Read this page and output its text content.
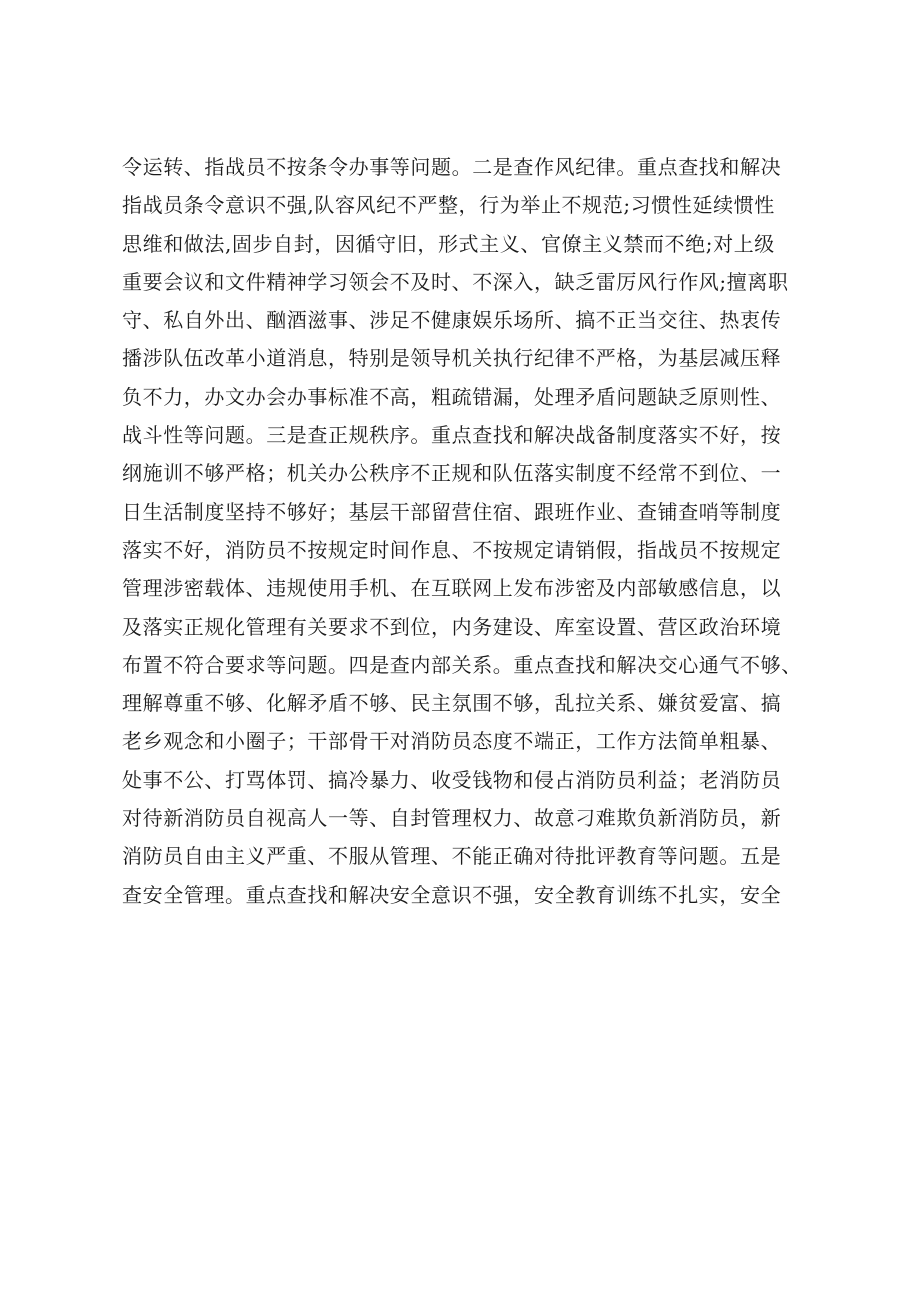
令运转、指战员不按条令办事等问题。二是查作风纪律。重点查找和解决
指战员条令意识不强,队容风纪不严整，行为举止不规范;习惯性延续惯性
思维和做法,固步自封，因循守旧，形式主义、官僚主义禁而不绝;对上级
重要会议和文件精神学习领会不及时、不深入，缺乏雷厉风行作风;擅离职
守、私自外出、酗酒滋事、涉足不健康娱乐场所、搞不正当交往、热衷传
播涉队伍改革小道消息，特别是领导机关执行纪律不严格，为基层减压释
负不力，办文办会办事标准不高，粗疏错漏，处理矛盾问题缺乏原则性、
战斗性等问题。三是查正规秩序。重点查找和解决战备制度落实不好，按
纲施训不够严格；机关办公秩序不正规和队伍落实制度不经常不到位、一
日生活制度坚持不够好；基层干部留营住宿、跟班作业、查铺查哨等制度
落实不好，消防员不按规定时间作息、不按规定请销假，指战员不按规定
管理涉密载体、违规使用手机、在互联网上发布涉密及内部敏感信息，以
及落实正规化管理有关要求不到位，内务建设、库室设置、营区政治环境
布置不符合要求等问题。四是查内部关系。重点查找和解决交心通气不够、
理解尊重不够、化解矛盾不够、民主氛围不够，乱拉关系、嫌贫爱富、搞
老乡观念和小圈子；干部骨干对消防员态度不端正，工作方法简单粗暴、
处事不公、打骂体罚、搞冷暴力、收受钱物和侵占消防员利益；老消防员
对待新消防员自视高人一等、自封管理权力、故意刁难欺负新消防员，新
消防员自由主义严重、不服从管理、不能正确对待批评教育等问题。五是
查安全管理。重点查找和解决安全意识不强，安全教育训练不扎实，安全
